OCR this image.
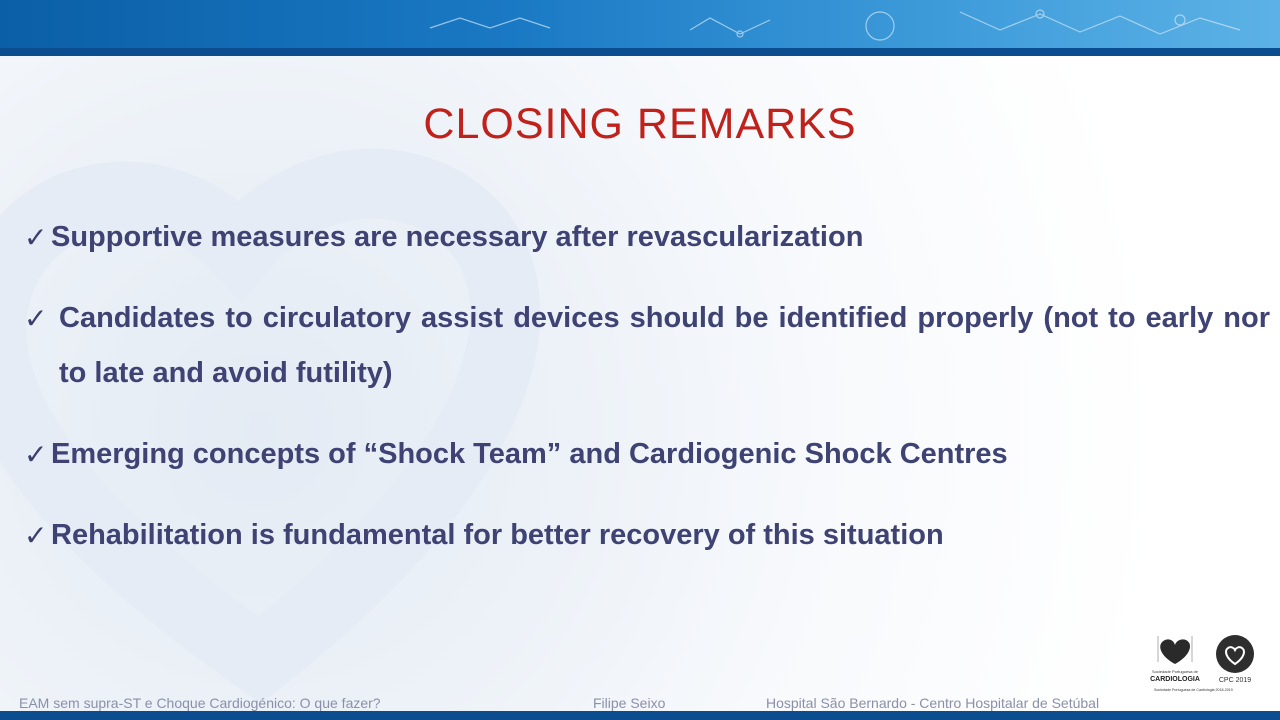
CLOSING REMARKS
✓ Supportive measures are necessary after revascularization
✓ Candidates to circulatory assist devices should be identified properly (not to early nor to late and avoid futility)
✓ Emerging concepts of “Shock Team” and Cardiogenic Shock Centres
✓ Rehabilitation is fundamental for better recovery of this situation
Sociedade Portuguesa de
CARDIOLOGIA
Sociedade Portuguesa de Cardiologia 2018-2019
CPC 2019
EAM sem supra-ST e Choque Cardiogénico: O que fazer?	Filipe Seixo	Hospital São Bernardo - Centro Hospitalar de Setúbal
